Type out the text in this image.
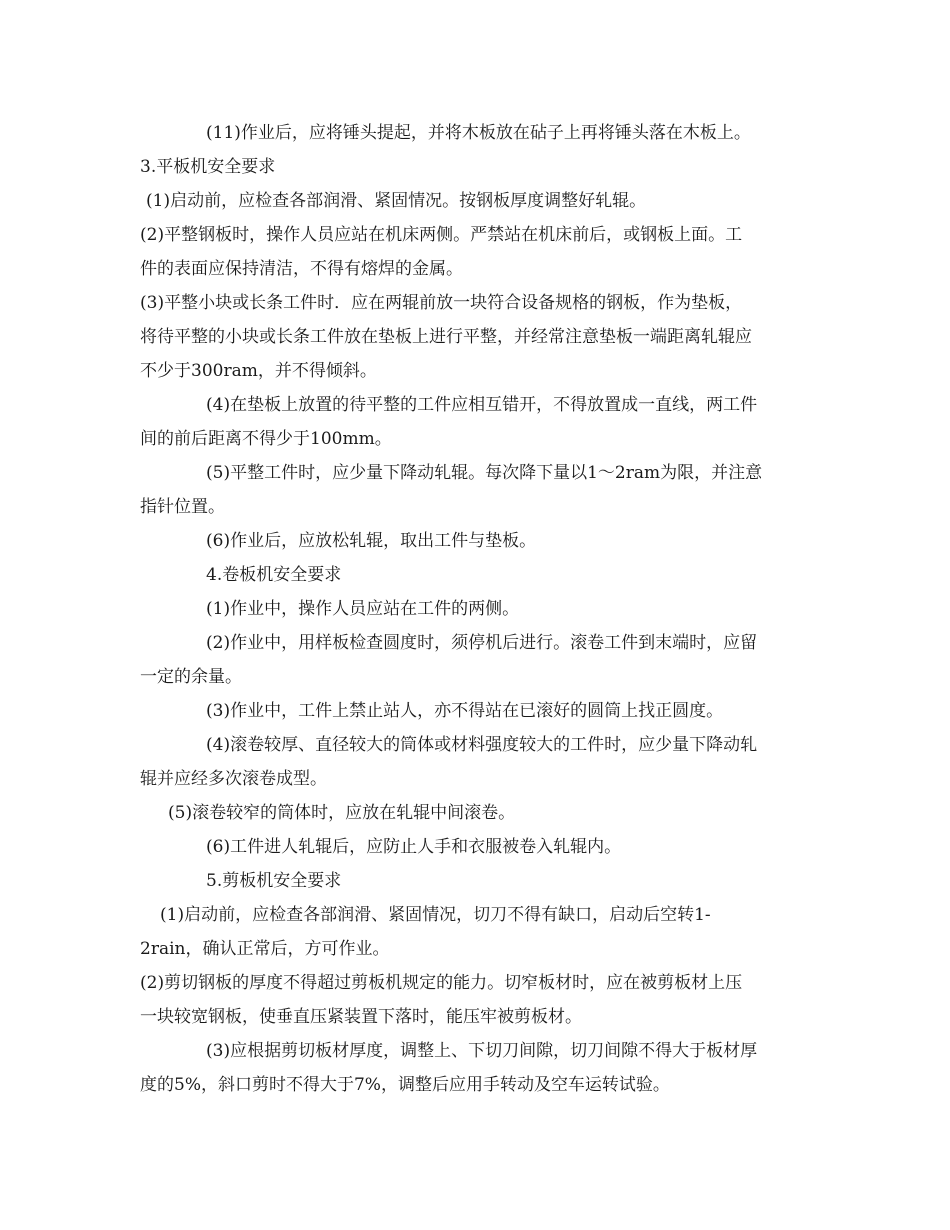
(11)作业后，应将锤头提起，并将木板放在砧子上再将锤头落在木板上。
3.平板机安全要求
(1)启动前，应检查各部润滑、紧固情况。按钢板厚度调整好轧辊。
(2)平整钢板时，操作人员应站在机床两侧。严禁站在机床前后，或钢板上面。工
件的表面应保持清洁，不得有熔焊的金属。
(3)平整小块或长条工件时．应在两辊前放一块符合设备规格的钢板，作为垫板，
将待平整的小块或长条工件放在垫板上进行平整，并经常注意垫板一端距离轧辊应
不少于300ram，并不得倾斜。
(4)在垫板上放置的待平整的工件应相互错开，不得放置成一直线，两工件
间的前后距离不得少于100mm。
(5)平整工件时，应少量下降动轧辊。每次降下量以1～2ram为限，并注意
指针位置。
(6)作业后，应放松轧辊，取出工件与垫板。
4.卷板机安全要求
(1)作业中，操作人员应站在工件的两侧。
(2)作业中，用样板检查圆度时，须停机后进行。滚卷工件到末端时，应留
一定的余量。
(3)作业中，工件上禁止站人，亦不得站在已滚好的圆筒上找正圆度。
(4)滚卷较厚、直径较大的筒体或材料强度较大的工件时，应少量下降动轧
辊并应经多次滚卷成型。
(5)滚卷较窄的筒体时，应放在轧辊中间滚卷。
(6)工件进人轧辊后，应防止人手和衣服被卷入轧辊内。
5.剪板机安全要求
(1)启动前，应检查各部润滑、紧固情况，切刀不得有缺口，启动后空转1-
2rain，确认正常后，方可作业。
(2)剪切钢板的厚度不得超过剪板机规定的能力。切窄板材时，应在被剪板材上压
一块较宽钢板，使垂直压紧装置下落时，能压牢被剪板材。
(3)应根据剪切板材厚度，调整上、下切刀间隙，切刀间隙不得大于板材厚
度的5%，斜口剪时不得大于7%，调整后应用手转动及空车运转试验。
